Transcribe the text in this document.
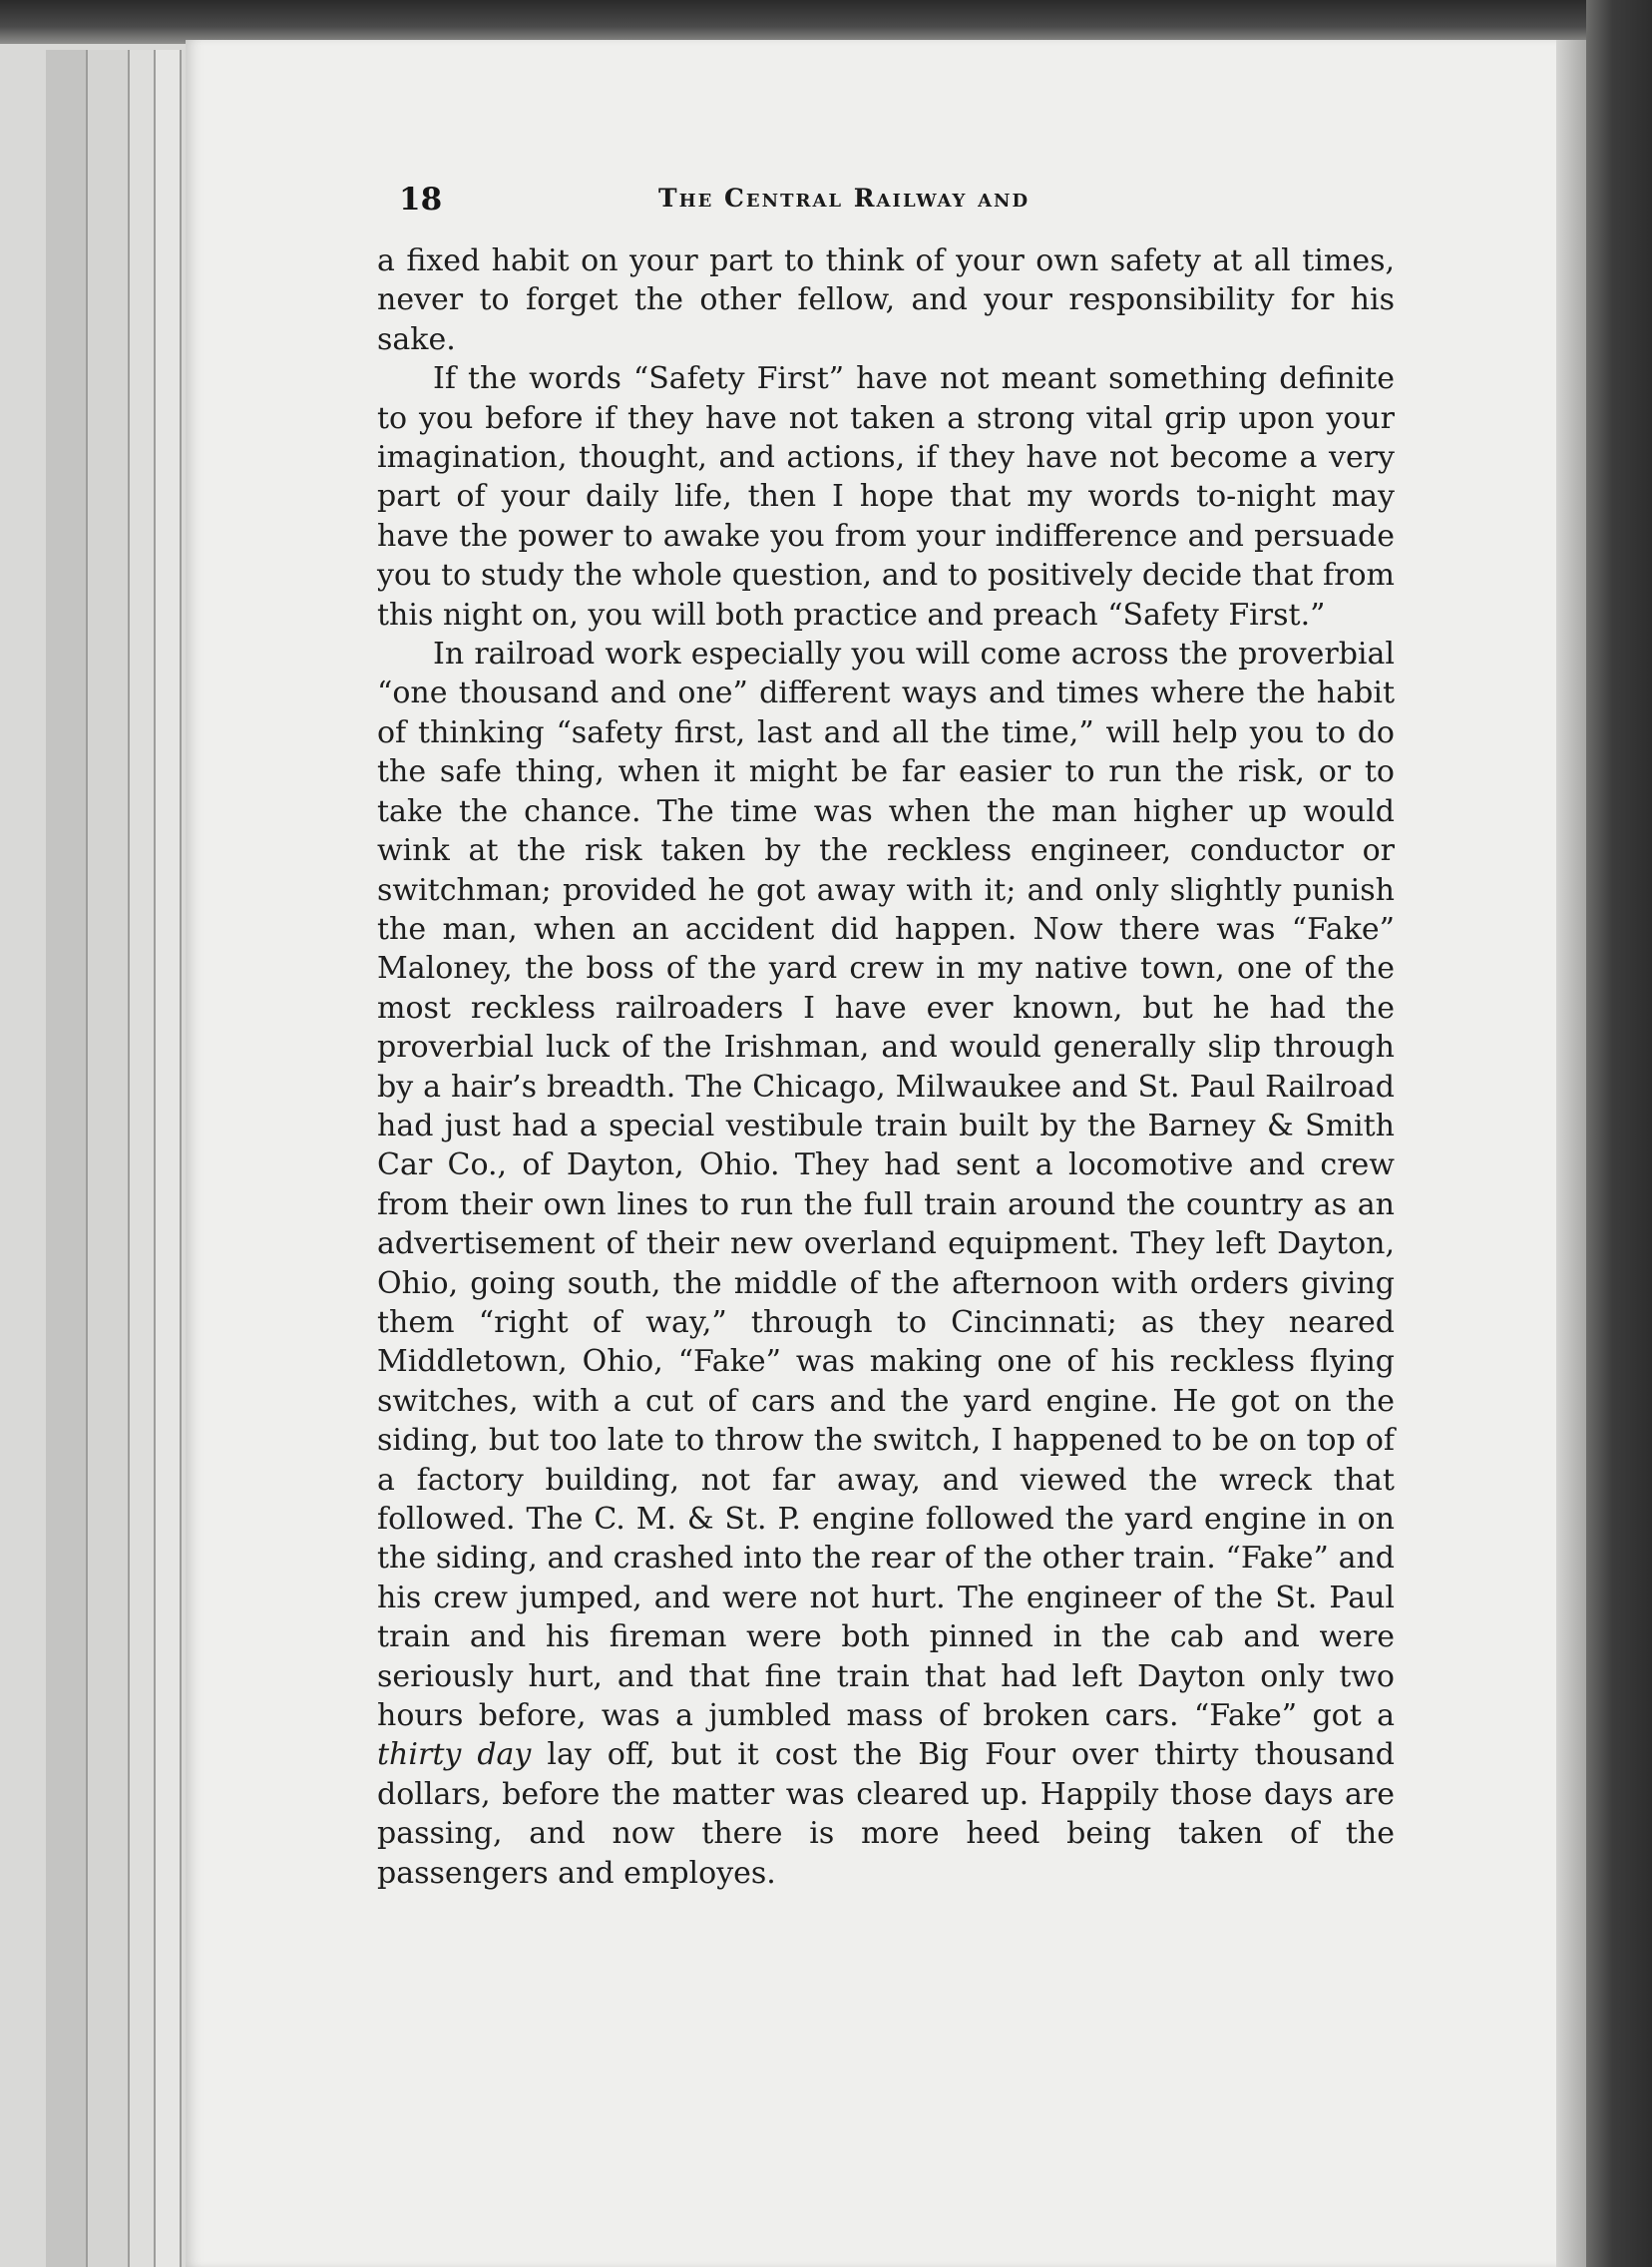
18	The Central Railway and

a fixed habit on your part to think of your own safety at all times, never to forget the other fellow, and your responsibility for his sake.

If the words “Safety First” have not meant something definite to you before if they have not taken a strong vital grip upon your imagination, thought, and actions, if they have not become a very part of your daily life, then I hope that my words to-night may have the power to awake you from your indifference and persuade you to study the whole question, and to positively decide that from this night on, you will both practice and preach “Safety First.”

In railroad work especially you will come across the proverbial “one thousand and one” different ways and times where the habit of thinking “safety first, last and all the time,” will help you to do the safe thing, when it might be far easier to run the risk, or to take the chance. The time was when the man higher up would wink at the risk taken by the reckless engineer, conductor or switchman; provided he got away with it; and only slightly punish the man, when an accident did happen. Now there was “Fake” Maloney, the boss of the yard crew in my native town, one of the most reckless railroaders I have ever known, but he had the proverbial luck of the Irishman, and would generally slip through by a hair’s breadth. The Chicago, Milwaukee and St. Paul Railroad had just had a special vestibule train built by the Barney & Smith Car Co., of Dayton, Ohio. They had sent a locomotive and crew from their own lines to run the full train around the country as an advertisement of their new overland equipment. They left Dayton, Ohio, going south, the middle of the afternoon with orders giving them “right of way,” through to Cincinnati; as they neared Middletown, Ohio, “Fake” was making one of his reckless flying switches, with a cut of cars and the yard engine. He got on the siding, but too late to throw the switch, I happened to be on top of a factory building, not far away, and viewed the wreck that followed. The C. M. & St. P. engine followed the yard engine in on the siding, and crashed into the rear of the other train. “Fake” and his crew jumped, and were not hurt. The engineer of the St. Paul train and his fireman were both pinned in the cab and were seriously hurt, and that fine train that had left Dayton only two hours before, was a jumbled mass of broken cars. “Fake” got a thirty day lay off, but it cost the Big Four over thirty thousand dollars, before the matter was cleared up. Happily those days are passing, and now there is more heed being taken of the passengers and employes.
